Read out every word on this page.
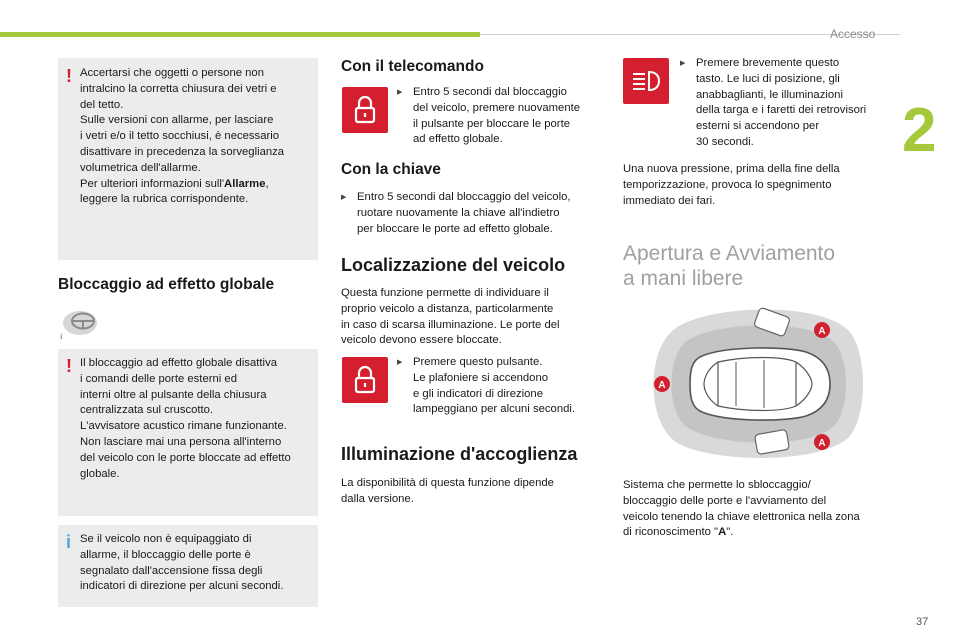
Accesso
2
37
! Accertarsi che oggetti o persone non
intralcino la corretta chiusura dei vetri e
del tetto.
Sulle versioni con allarme, per lasciare
i vetri e/o il tetto socchiusi, è necessario
disattivare in precedenza la sorveglianza
volumetrica dell'allarme.
Per ulteriori informazioni sull'Allarme,
leggere la rubrica corrispondente.
Bloccaggio ad effetto globale
ℹ
! Il bloccaggio ad effetto globale disattiva
i comandi delle porte esterni ed
interni oltre al pulsante della chiusura
centralizzata sul cruscotto.
L'avvisatore acustico rimane funzionante.
Non lasciare mai una persona all'interno
del veicolo con le porte bloccate ad effetto
globale.
i Se il veicolo non è equipaggiato di
allarme, il bloccaggio delle porte è
segnalato dall'accensione fissa degli
indicatori di direzione per alcuni secondi.
Con il telecomando
▶ Entro 5 secondi dal bloccaggio
del veicolo, premere nuovamente
il pulsante per bloccare le porte
ad effetto globale.
Con la chiave
▶ Entro 5 secondi dal bloccaggio del veicolo,
ruotare nuovamente la chiave all'indietro
per bloccare le porte ad effetto globale.
Localizzazione del veicolo
Questa funzione permette di individuare il
proprio veicolo a distanza, particolarmente
in caso di scarsa illuminazione. Le porte del
veicolo devono essere bloccate.
▶ Premere questo pulsante.
Le plafoniere si accendono
e gli indicatori di direzione
lampeggiano per alcuni secondi.
Illuminazione d'accoglienza
La disponibilità di questa funzione dipende
dalla versione.
▶ Premere brevemente questo
tasto. Le luci di posizione, gli
anabbaglianti, le illuminazioni
della targa e i faretti dei retrovisori
esterni si accendono per
30 secondi.
Una nuova pressione, prima della fine della
temporizzazione, provoca lo spegnimento
immediato dei fari.
Apertura e Avviamento
a mani libere
A
A
A
Sistema che permette lo sbloccaggio/
bloccaggio delle porte e l'avviamento del
veicolo tenendo la chiave elettronica nella zona
di riconoscimento "A".
